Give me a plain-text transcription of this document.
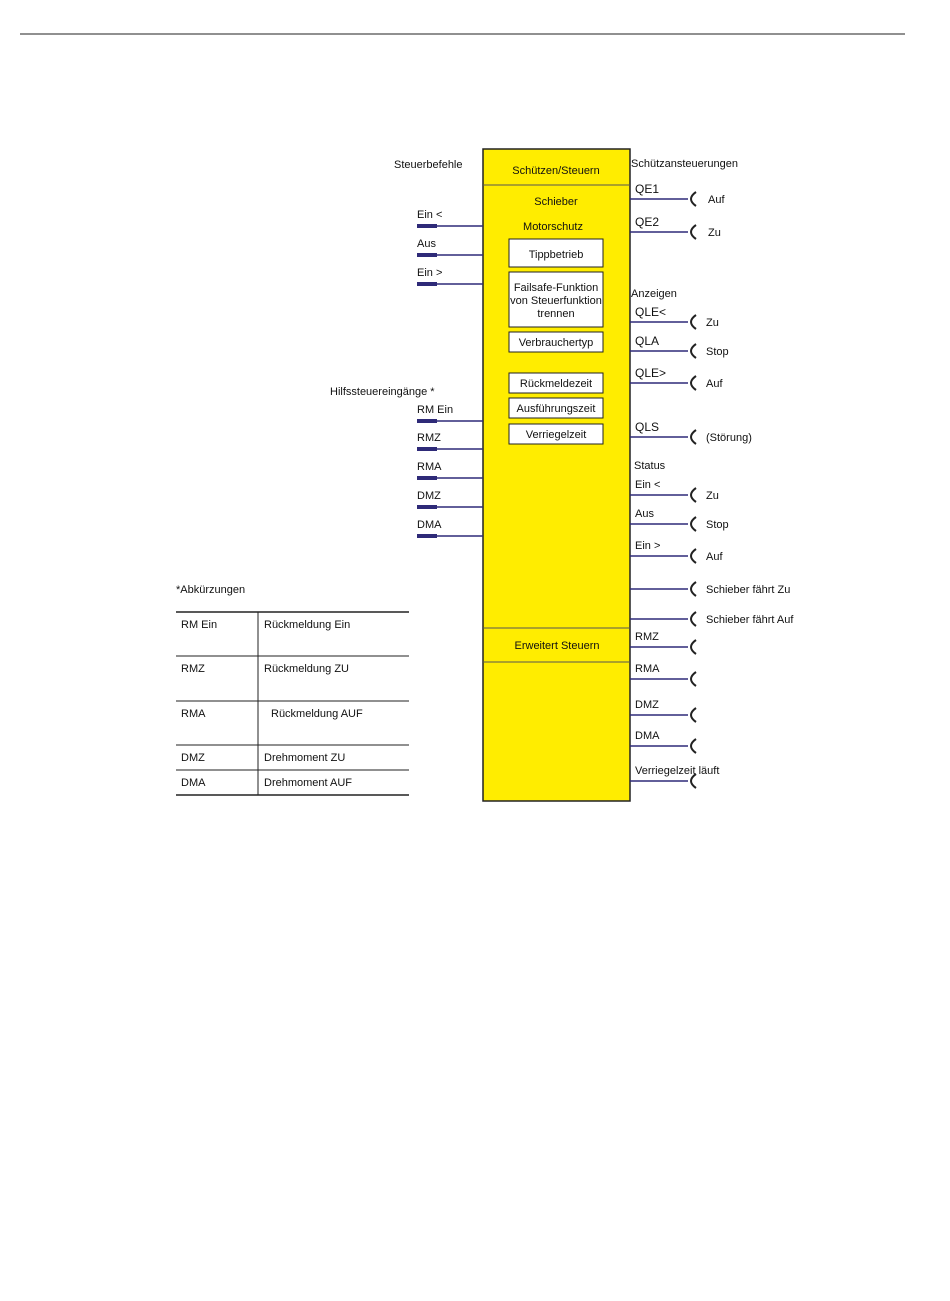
Schützen/Steuern
Schieber
Motorschutz
Erweitert Steuern
Tippbetrieb
Failsafe-Funktion
von Steuerfunktion
trennen
Verbrauchertyp
Rückmeldezeit
Ausführungszeit
Verriegelzeit
Steuerbefehle
Hilfssteuereingänge *
Ein <
Aus
Ein >
RM Ein
RMZ
RMA
DMZ
DMA
Schützansteuerungen
Anzeigen
Status
QE1
Auf
QE2
Zu
QLE<
Zu
QLA
Stop
QLE>
Auf
QLS
(Störung)
Ein <
Zu
Aus
Stop
Ein >
Auf
Schieber fährt Zu
Schieber fährt Auf
RMZ
RMA
DMZ
DMA
Verriegelzeit läuft
*Abkürzungen
RM Ein	Rückmeldung Ein
RMZ	Rückmeldung ZU
RMA	Rückmeldung AUF
DMZ	Drehmoment ZU
DMA	Drehmoment AUF
